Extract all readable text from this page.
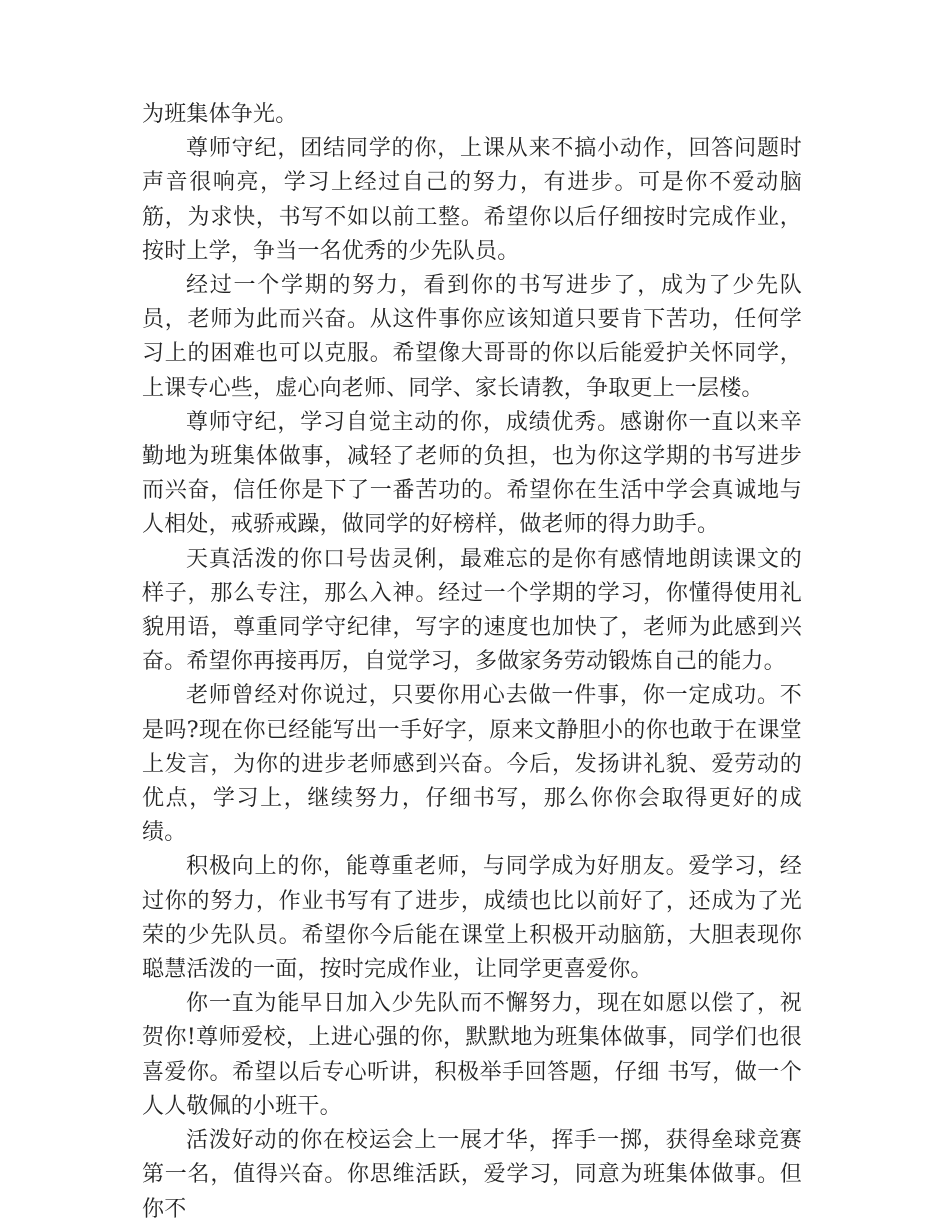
为班集体争光。

尊师守纪，团结同学的你，上课从来不搞小动作，回答问题时声音很响亮，学习上经过自己的努力，有进步。可是你不爱动脑筋，为求快，书写不如以前工整。希望你以后仔细按时完成作业，按时上学，争当一名优秀的少先队员。

经过一个学期的努力，看到你的书写进步了，成为了少先队员，老师为此而兴奋。从这件事你应该知道只要肯下苦功，任何学习上的困难也可以克服。希望像大哥哥的你以后能爱护关怀同学，上课专心些，虚心向老师、同学、家长请教，争取更上一层楼。

尊师守纪，学习自觉主动的你，成绩优秀。感谢你一直以来辛勤地为班集体做事，减轻了老师的负担，也为你这学期的书写进步而兴奋，信任你是下了一番苦功的。希望你在生活中学会真诚地与人相处，戒骄戒躁，做同学的好榜样，做老师的得力助手。

天真活泼的你口号齿灵俐，最难忘的是你有感情地朗读课文的样子，那么专注，那么入神。经过一个学期的学习，你懂得使用礼貌用语，尊重同学守纪律，写字的速度也加快了，老师为此感到兴奋。希望你再接再厉，自觉学习，多做家务劳动锻炼自己的能力。

老师曾经对你说过，只要你用心去做一件事，你一定成功。不是吗?现在你已经能写出一手好字，原来文静胆小的你也敢于在课堂上发言，为你的进步老师感到兴奋。今后，发扬讲礼貌、爱劳动的优点，学习上，继续努力，仔细书写，那么你你会取得更好的成绩。

积极向上的你，能尊重老师，与同学成为好朋友。爱学习，经过你的努力，作业书写有了进步，成绩也比以前好了，还成为了光荣的少先队员。希望你今后能在课堂上积极开动脑筋，大胆表现你聪慧活泼的一面，按时完成作业，让同学更喜爱你。

你一直为能早日加入少先队而不懈努力，现在如愿以偿了，祝贺你!尊师爱校，上进心强的你，默默地为班集体做事，同学们也很喜爱你。希望以后专心听讲，积极举手回答题，仔细 书写，做一个人人敬佩的小班干。

活泼好动的你在校运会上一展才华，挥手一掷，获得垒球竞赛第一名，值得兴奋。你思维活跃，爱学习，同意为班集体做事。但你不
